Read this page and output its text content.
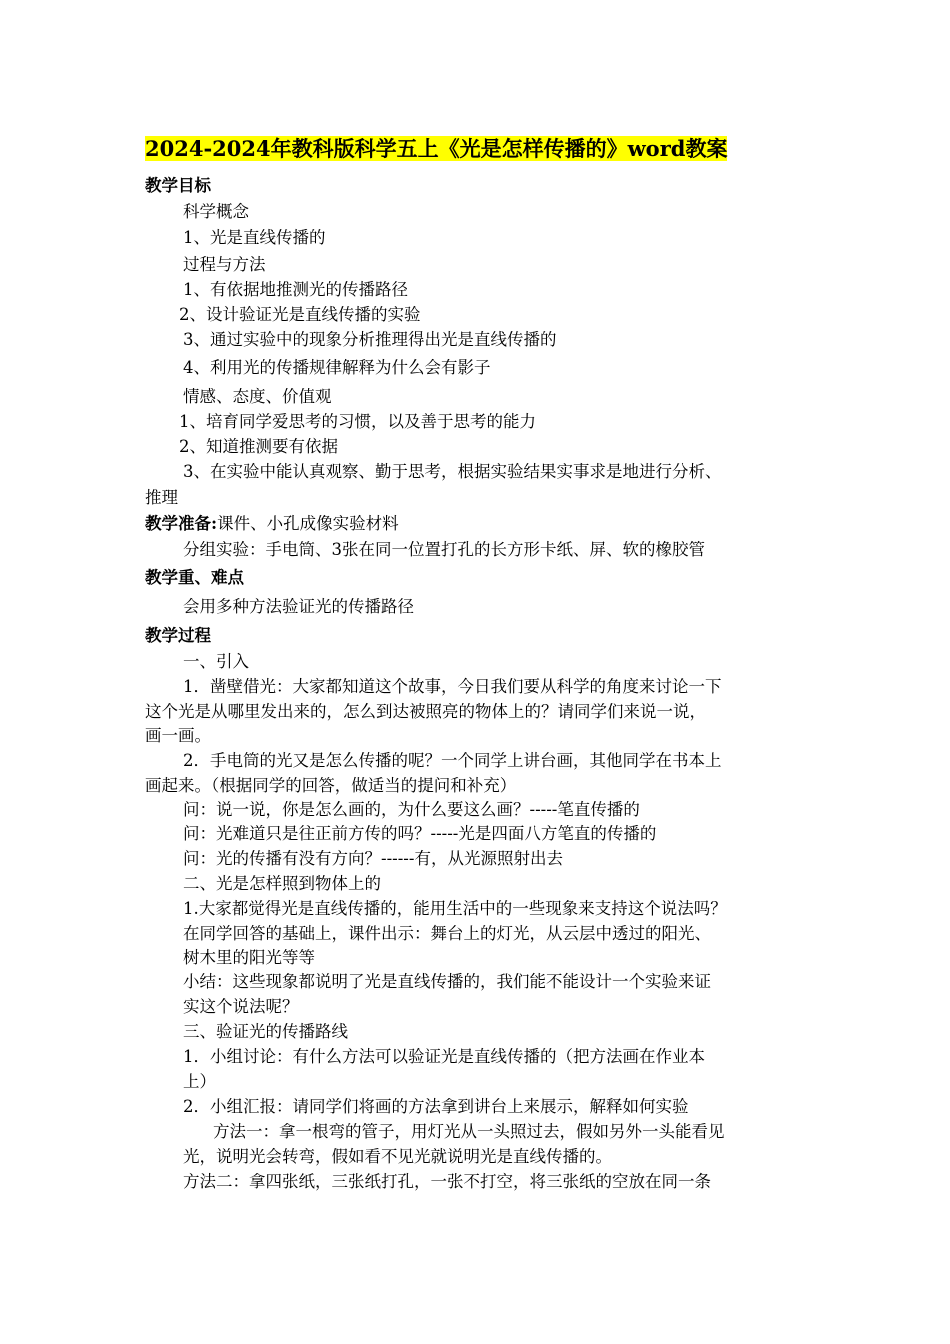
2024-2024年教科版科学五上《光是怎样传播的》word教案
教学目标
科学概念
1、光是直线传播的
过程与方法
1、有依据地推测光的传播路径
2、设计验证光是直线传播的实验
3、通过实验中的现象分析推理得出光是直线传播的
4、利用光的传播规律解释为什么会有影子
情感、态度、价值观
1、培育同学爱思考的习惯，以及善于思考的能力
2、知道推测要有依据
3、在实验中能认真观察、勤于思考，根据实验结果实事求是地进行分析、
推理
教学准备:课件、小孔成像实验材料
分组实验：手电筒、3张在同一位置打孔的长方形卡纸、屏、软的橡胶管
教学重、难点
会用多种方法验证光的传播路径
教学过程
一、引入
1．凿壁借光：大家都知道这个故事，今日我们要从科学的角度来讨论一下
这个光是从哪里发出来的，怎么到达被照亮的物体上的？请同学们来说一说，
画一画。
2．手电筒的光又是怎么传播的呢？一个同学上讲台画，其他同学在书本上
画起来。（根据同学的回答，做适当的提问和补充）
问：说一说，你是怎么画的，为什么要这么画？-----笔直传播的
问：光难道只是往正前方传的吗？-----光是四面八方笔直的传播的
问：光的传播有没有方向？------有，从光源照射出去
二、光是怎样照到物体上的
1.大家都觉得光是直线传播的，能用生活中的一些现象来支持这个说法吗？
在同学回答的基础上，课件出示：舞台上的灯光，从云层中透过的阳光、
树木里的阳光等等
小结：这些现象都说明了光是直线传播的，我们能不能设计一个实验来证
实这个说法呢？
三、验证光的传播路线
1．小组讨论：有什么方法可以验证光是直线传播的（把方法画在作业本
上）
2．小组汇报：请同学们将画的方法拿到讲台上来展示，解释如何实验
方法一：拿一根弯的管子，用灯光从一头照过去，假如另外一头能看见
光，说明光会转弯，假如看不见光就说明光是直线传播的。
方法二：拿四张纸，三张纸打孔，一张不打空，将三张纸的空放在同一条
